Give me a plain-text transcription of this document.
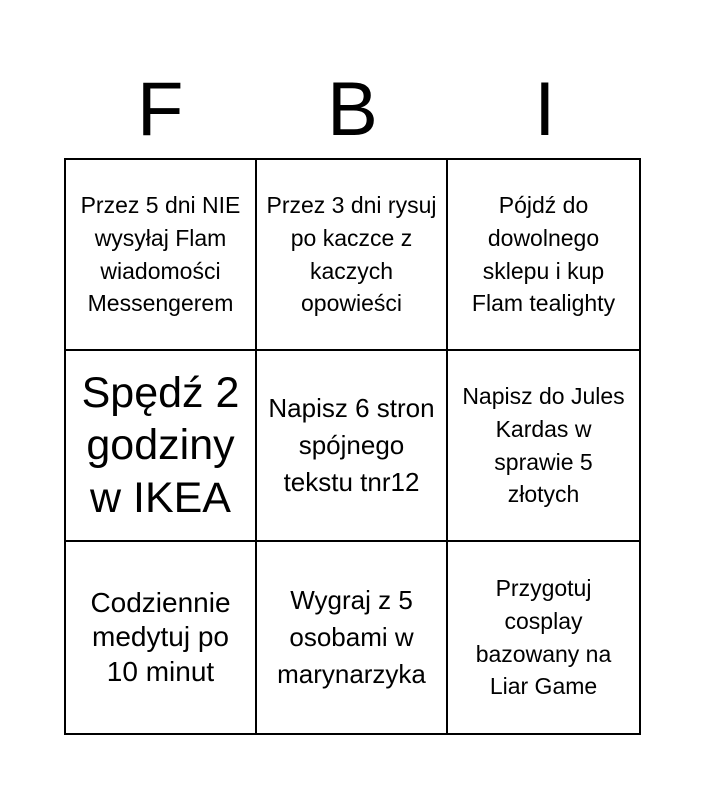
F	B	I
Przez 5 dni NIE wysyłaj Flam wiadomości Messengerem
Przez 3 dni rysuj po kaczce z kaczych opowieści
Pójdź do dowolnego sklepu i kup Flam tealighty
Spędź 2 godziny w IKEA
Napisz 6 stron spójnego tekstu tnr12
Napisz do Jules Kardas w sprawie 5 złotych
Codziennie medytuj po 10 minut
Wygraj z 5 osobami w marynarzyka
Przygotuj cosplay bazowany na Liar Game
